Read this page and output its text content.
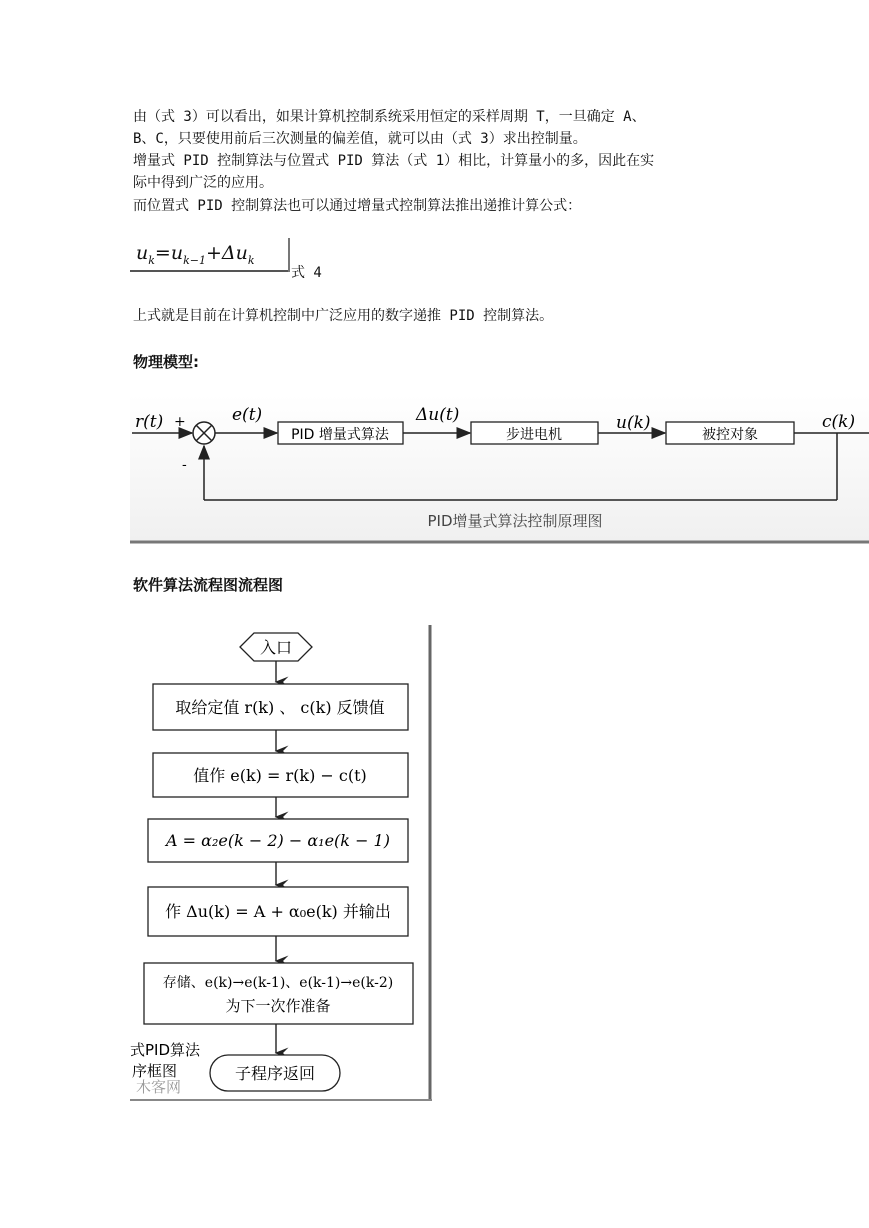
由（式 3）可以看出，如果计算机控制系统采用恒定的采样周期 T，一旦确定 A、
B、C，只要使用前后三次测量的偏差值，就可以由（式 3）求出控制量。
增量式 PID 控制算法与位置式 PID 算法（式 1）相比，计算量小的多，因此在实
际中得到广泛的应用。
而位置式 PID 控制算法也可以通过增量式控制算法推出递推计算公式：
$u_k=u_{k-1}+\Delta u_k$
式 4
上式就是目前在计算机控制中广泛应用的数字递推 PID 控制算法。
物理模型:
r(t) +
-
e(t)
PID 增量式算法
Δu(t)
步进电机
u(k)
被控对象
c(k)
PID增量式算法控制原理图
软件算法流程图流程图
入口
取给定值 r(k) 、 c(k) 反馈值
值作 e(k) = r(k) − c(t)
A = α₂e(k − 2) − α₁e(k − 1)
作 Δu(k) = A + α₀e(k) 并输出
存储、e(k)→e(k-1)、e(k-1)→e(k-2)
为下一次作准备
式PID算法
序框图
木客网
子程序返回
